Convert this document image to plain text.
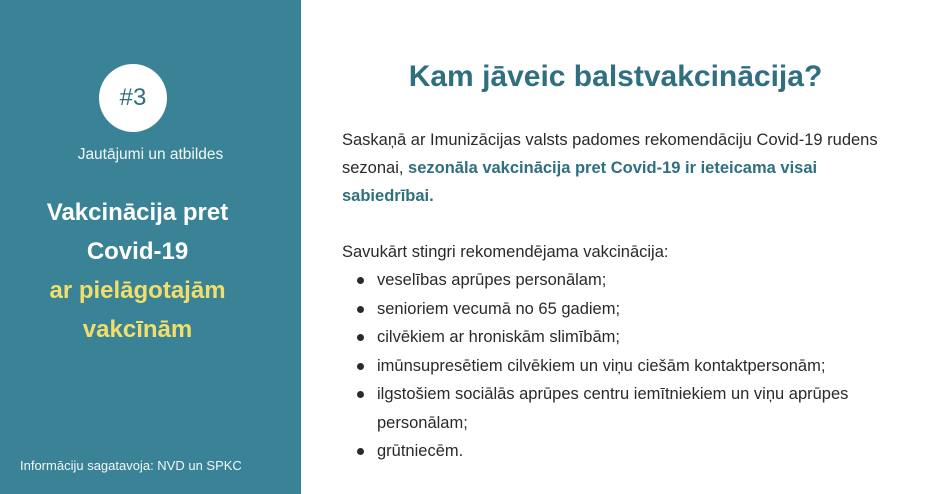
#3
Jautājumi un atbildes
Vakcinācija pret
Covid-19
ar pielāgotajām
vakcīnām
Informāciju sagatavoja: NVD un SPKC
Kam jāveic balstvakcinācija?

Saskaņā ar Imunizācijas valsts padomes rekomendāciju Covid-19 rudens sezonai, sezonāla vakcinācija pret Covid-19 ir ieteicama visai sabiedrībai.

Savukārt stingri rekomendējama vakcinācija:

veselības aprūpes personālam;
senioriem vecumā no 65 gadiem;
cilvēkiem ar hroniskām slimībām;
imūnsupresētiem cilvēkiem un viņu ciešām kontaktpersonām;
ilgstošiem sociālās aprūpes centru iemītniekiem un viņu aprūpes personālam;
grūtniecēm.
